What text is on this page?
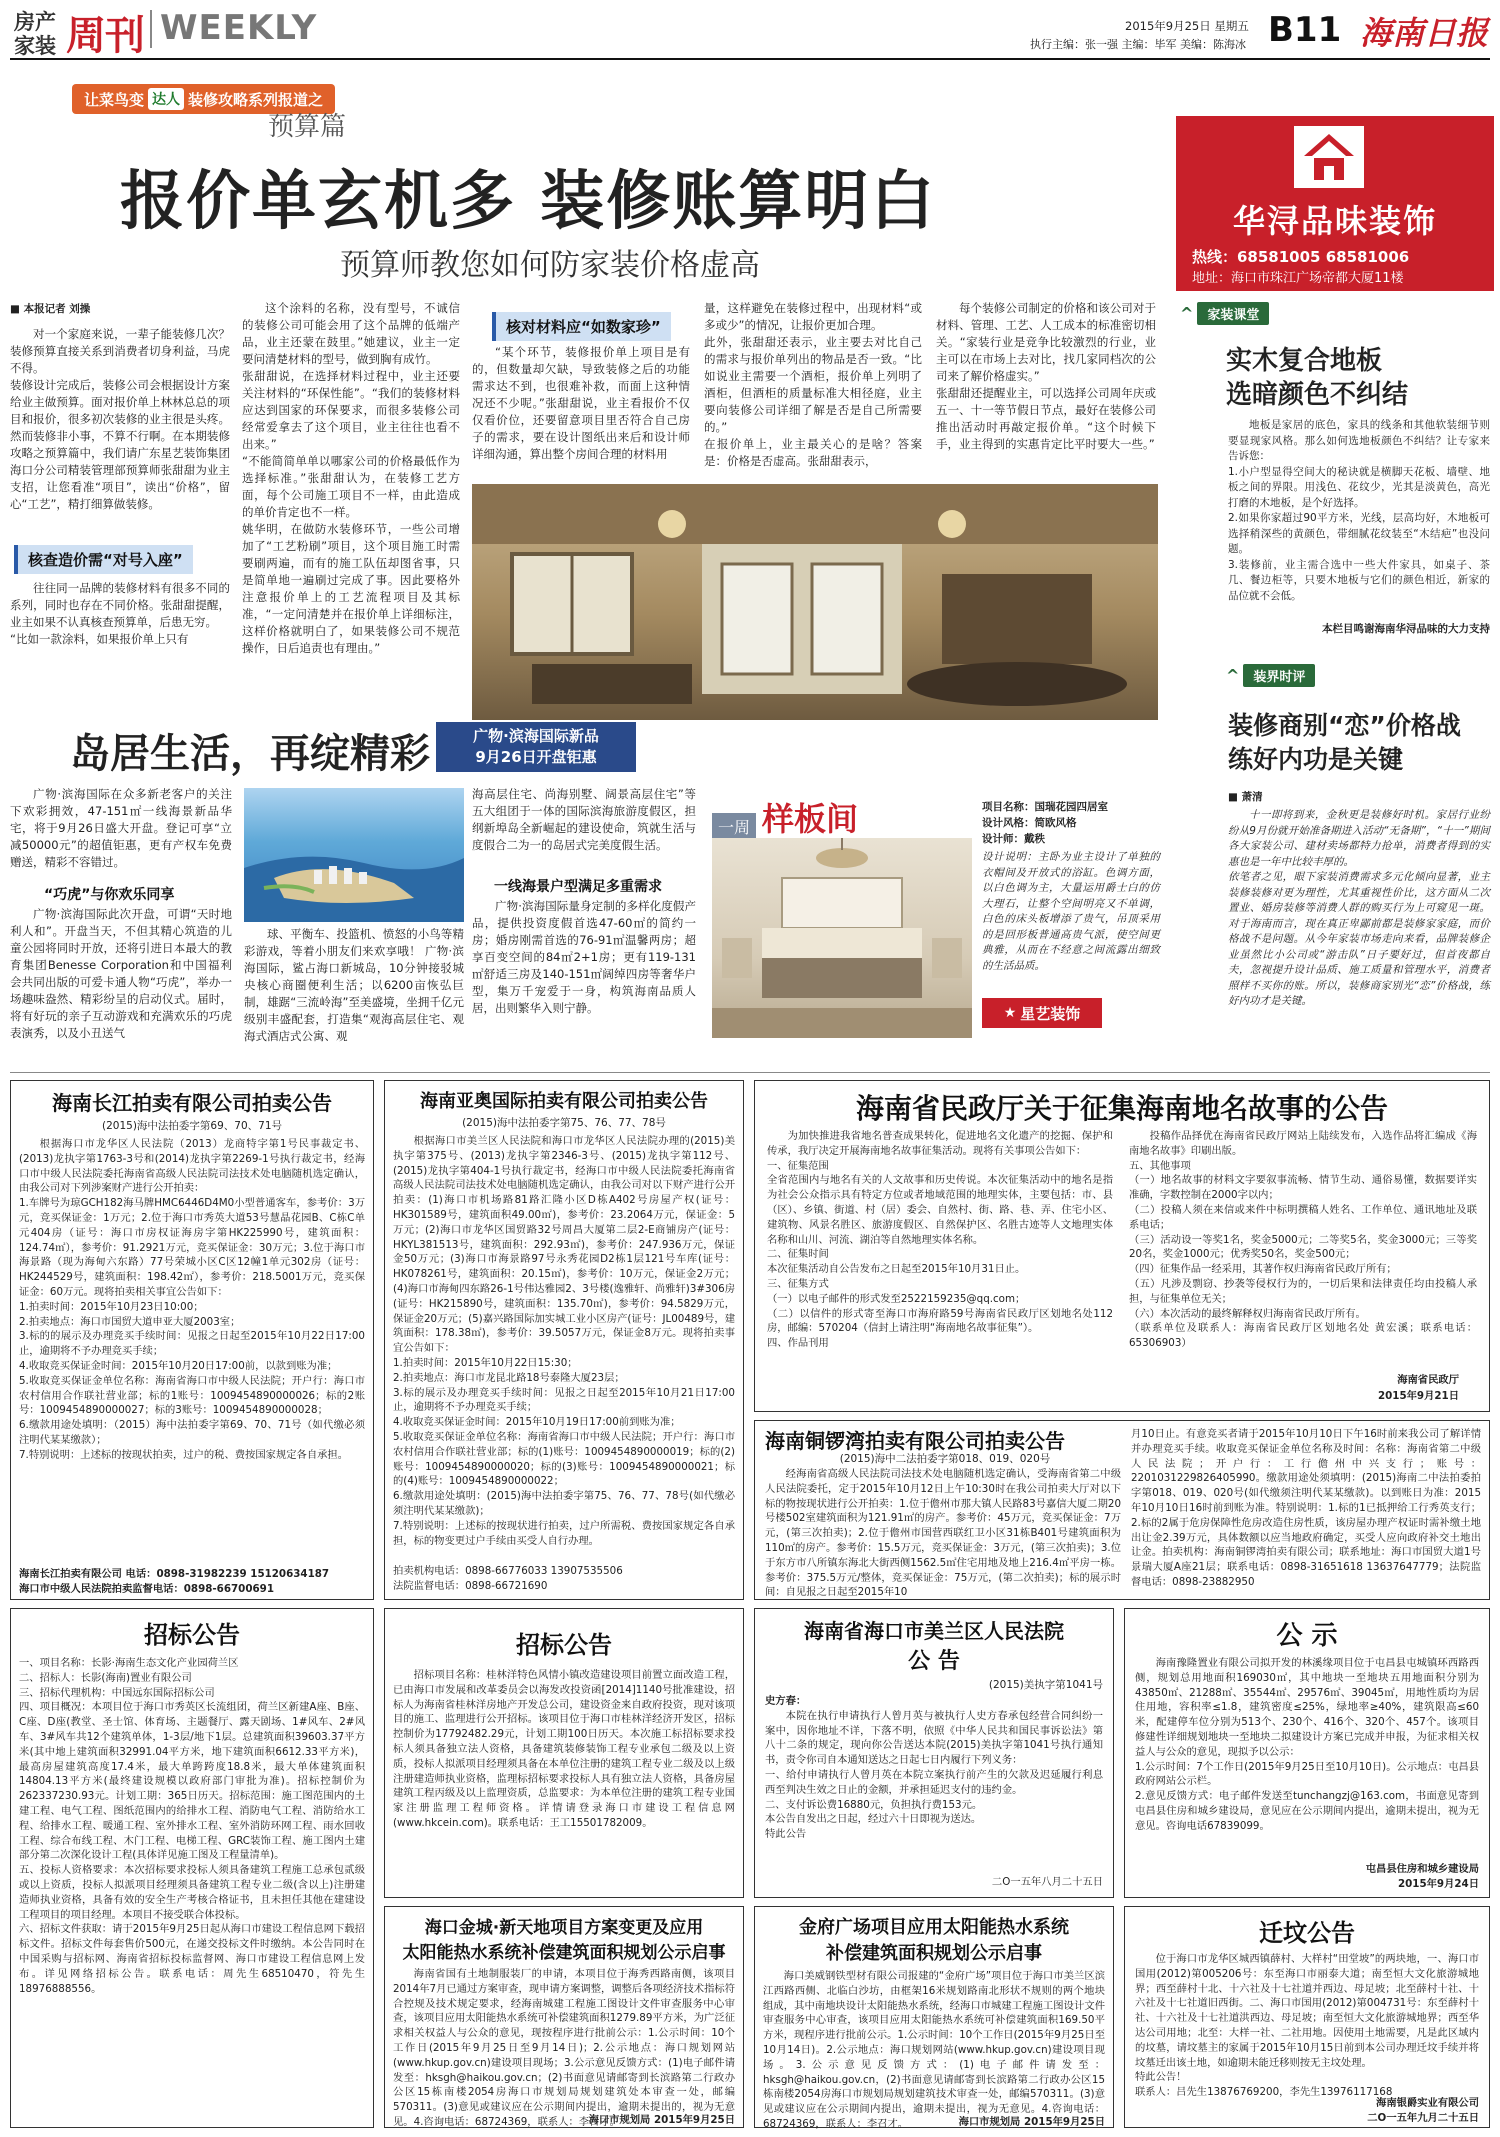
房产
家装 周刊 WEEKLY	2015年9月25日 星期五
执行主编：张一强 主编：毕军 美编：陈海冰 B11 海南日报
让菜鸟变 达人 装修攻略系列报道之
预算篇
报价单玄机多 装修账算明白
预算师教您如何防家装价格虚高
■ 本报记者 刘操
对一个家庭来说，一辈子能装修几次？装修预算直接关系到消费者切身利益，马虎不得。
装修设计完成后，装修公司会根据设计方案给业主做预算。面对报价单上林林总总的项目和报价，很多初次装修的业主很是头疼。然而装修非小事，不算不行啊。在本期装修攻略之预算篇中，我们请广东星艺装饰集团海口分公司精装管理部预算师张甜甜为业主支招，让您看准“项目”，读出“价格”，留心“工艺”，精打细算做装修。
核查造价需“对号入座”
往往同一品牌的装修材料有很多不同的系列，同时也存在不同价格。张甜甜提醒，业主如果不认真核查预算单，后患无穷。
“比如一款涂料，如果报价单上只有
这个涂料的名称，没有型号，不诚信的装修公司可能会用了这个品牌的低端产品，业主还蒙在鼓里。”她建议，业主一定要问清楚材料的型号，做到胸有成竹。
张甜甜说，在选择材料过程中，业主还要关注材料的“环保性能”。“我们的装修材料应达到国家的环保要求，而很多装修公司经常爱拿去了这个项目，业主往往也看不出来。”
“不能简简单单以哪家公司的价格最低作为选择标准。”张甜甜认为，在装修工艺方面，每个公司施工项目不一样，由此造成的单价肯定也不一样。
姚华明，在做防水装修环节，一些公司增加了“工艺粉刷”项目，这个项目施工时需要刷两遍，而有的施工队伍却图省事，只是简单地一遍刷过完成了事。因此要格外注意报价单上的工艺流程项目及其标准，“一定问清楚并在报价单上详细标注，这样价格就明白了，如果装修公司不规范操作，日后追责也有理由。”
核对材料应“如数家珍”
“某个环节，装修报价单上项目是有的，但数量却欠缺，导致装修之后的功能需求达不到，也很难补救，而面上这种情况还不少呢。”张甜甜说，业主看报价不仅仅看价位，还要留意项目里否符合自己房子的需求，要在设计图纸出来后和设计师详细沟通，算出整个房间合理的材料用
量，这样避免在装修过程中，出现材料“或多或少”的情况，让报价更加合理。
此外，张甜甜还表示，业主要去对比自己的需求与报价单列出的物品是否一致。“比如说业主需要一个酒柜，报价单上列明了酒柜，但酒柜的质量标准大相径庭，业主要向装修公司详细了解是否是自己所需要的。”
在报价单上，业主最关心的是啥？答案是：价格是否虚高。张甜甜表示，
每个装修公司制定的价格和该公司对于材料、管理、工艺、人工成本的标准密切相关。“家装行业是竞争比较激烈的行业，业主可以在市场上去对比，找几家同档次的公司来了解价格虚实。”
张甜甜还提醒业主，可以选择公司周年庆或五一、十一等节假日节点，最好在装修公司推出活动时再敲定报价单。“这个时候下手，业主得到的实惠肯定比平时要大一些。”
华浔品味装饰
热线：68581005 68581006
地址：海口市珠江广场帝都大厦11楼
^	家装课堂
实木复合地板
选暗颜色不纠结
地板是家居的底色，家具的线条和其他软装细节则要显现家风格。那么如何选地板颜色不纠结？让专家来告诉您：
1.小户型显得空间大的秘诀就是横脚天花板、墙壁、地板之间的界限。用浅色、花纹少，光其是淡黄色，高光打磨的木地板，是个好选择。
2.如果你家超过90平方米，光线，层高均好，木地板可选择稍深些的黄颜色，带细腻花纹装至“木结疤”也没问题。
3.装修前，业主需合选中一些大件家具，如桌子、茶几、餐边柜等，只要木地板与它们的颜色相近，新家的品位就不会低。
本栏目鸣谢海南华浔品味的大力支持
^	装界时评
装修商别“恋”价格战
练好内功是关键
■ 萧清
十一即将到来，金秋更是装修好时机。家居行业纷纷从9月份就开始准备期进入活动“无备期”，“十一”期间各大家装公司、建材卖场都特力抢单，消费者得到的实惠也是一年中比较丰厚的。
依笔者之见，眼下家装消费需求多元化倾向显著，业主装修装修对更为理性，尤其重视性价比，这方面从二次置业、婚房装修等消费人群的购买行为上可窥见一斑。对于海南而言，现在真正卑鄙前都是装修家家庭，而价格战不是问题。从今年家装市场走向来看，品牌装修企业虽然比小公司或“游击队”日子要好过，但首夜都自夫，忽视提升设计品质、施工质量和管理水平，消费者照样不买你的账。所以，装修商家别光“恋”价格战，练好内功才是关键。
岛居生活，再绽精彩	广物·滨海国际新品
9月26日开盘钜惠
广物·滨海国际在众多新老客户的关注下欢彩拥效，47-151㎡一线海景新品华宅，将于9月26日盛大开盘。登记可享“立减50000元”的超值钜惠，更有产权车免费赠送，精彩不容错过。
“巧虎”与你欢乐同享
广物·滨海国际此次开盘，可谓“天时地利人和”。开盘当天，不但其精心筑造的儿童公园将同时开放，还将引进日本最大的教育集团Benesse Corporation和中国福利会共同出版的可爱卡通人物“巧虎”，举办一场趣味盎然、精彩纷呈的启动仪式。届时，将有好玩的亲子互动游戏和充满欢乐的巧虎表演秀，以及小丑送气
球、平衡车、投篮机、愤怒的小鸟等精彩游戏，等着小朋友们来欢享哦！ 广物·滨海国际，鲨占海口新城岛，10分钟接驳城央核心商圈便利生活；以6200亩恢弘巨制，雄踞“三流岭海”至美盛境，坐拥千亿元级别丰盛配套，打造集“观海高层住宅、观海式酒店式公寓、观
海高层住宅、尚海别墅、阔景高层住宅”等五大组团于一体的国际滨海旅游度假区，担纲新埠岛全新崛起的建设使命，筑就生活与度假合二为一的岛居式完美度假生活。
一线海景户型满足多重需求
广物·滨海国际量身定制的多样化度假产品，提供投资度假首选47-60㎡的简约一房；婚房刚需首选的76-91㎡温馨两房；超享百变空间的84㎡2+1房；更有119-131㎡舒适三房及140-151㎡阔绰四房等奢华户型，集万千宠爱于一身，构筑海南品质人居，出则繁华入则宁静。
一周 样板间	项目名称：国瑞花园四居室
设计风格：简欧风格
设计师：戴秩
设计说明：主卧为业主设计了单独的衣帽间及开放式的浴缸。色调方面，以白色调为主，大量运用爵士白的仿大理石，让整个空间明亮又不单调，白色的床头板增添了贵气，吊顶采用的是回形板普通高贵气派，使空间更典雅，从而在不经意之间流露出细致的生活品质。
★ 星艺装饰
海南长江拍卖有限公司拍卖公告
(2015)海中法拍委字第69、70、71号
根据海口市龙华区人民法院（2013）龙商特字第1号民事裁定书、(2013)龙执字第1763-3号和(2014)龙执字第2269-1号执行裁定书，经海口市中级人民法院委托海南省高级人民法院司法技术处电脑随机选定确认，由我公司对下列涉案财产进行公开拍卖：
1.车牌号为琼GCH182海马牌HMC6446D4M0小型普通客车，参考价：3万元，竞买保证金：1万元；2.位于海口市秀英大道53号慧晶花园B、C栋C单元404房（证号：海口市房权证海房字第HK225990号，建筑面积：124.74㎡），参考价：91.2921万元，竞买保证金：30万元；3.位于海口市海景路（现为海甸六东路）77号荣城小区C区12幢1单元302房（证号：HK244529号，建筑面积：198.42㎡），参考价：218.5001万元，竞买保证金：60万元。现将拍卖相关事宜公告如下：
1.拍卖时间：2015年10月23日10:00；
2.拍卖地点：海口市国贸大道申亚大厦2003室；
3.标的的展示及办理竞买手续时间：见报之日起至2015年10月22日17:00止，逾期将不予办理竞买手续；
4.收取竞买保证金时间：2015年10月20日17:00前，以款到账为准；
5.收取竞买保证金单位名称：海南省海口市中级人民法院；开户行：海口市农村信用合作联社营业部；标的1账号：1009454890000026；标的2账号：1009454890000027；标的3账号：1009454890000028；
6.缴款用途处填明：（2015）海中法拍委字第69、70、71号（如代缴必须注明代某某缴款）；
7.特别说明：上述标的按现状拍卖，过户的税、费按国家规定各自承担。
海南长江拍卖有限公司 电话：0898-31982239 15120634187
海口市中级人民法院拍卖监督电话：0898-66700691
海南亚奥国际拍卖有限公司拍卖公告
(2015)海中法拍委字第75、76、77、78号
根据海口市美兰区人民法院和海口市龙华区人民法院办理的(2015)美执字第375号、(2013)龙执字第2346-3号、(2015)龙执字第112号、(2015)龙执字第404-1号执行裁定书，经海口市中级人民法院委托海南省高级人民法院司法技术处电脑随机选定确认，由我公司对以下财产进行公开拍卖：(1)海口市机场路81路汇隆小区D栋A402号房屋产权(证号：HK301589号，建筑面积49.00㎡)，参考价：23.2064万元，保证金：5万元；(2)海口市龙华区国贸路32号周昌大厦第二层2-E商铺房产(证号：HKYL381513号，建筑面积：292.93㎡)，参考价：247.936万元，保证金50万元；(3)海口市海景路97号永秀花园D2栋1层121号车库(证号：HK078261号，建筑面积：20.15㎡)，参考价：10万元，保证金2万元；(4)海口市海甸四东路26-1号伟达雅园2、3号楼(逸雅轩、尚雅轩)3#306房(证号：HK215890号，建筑面积：135.70㎡)，参考价：94.5829万元，保证金20万元；(5)嘉兴路国际加实城工业小区房产(证号：JL00489号，建筑面积：178.38㎡)，参考价：39.5057万元，保证金8万元。现将拍卖事宜公告如下：
1.拍卖时间：2015年10月22日15:30；
2.拍卖地点：海口市龙昆北路18号泰隆大厦23层；
3.标的展示及办理竞买手续时间：见报之日起至2015年10月21日17:00止，逾期将不予办理竞买手续；
4.收取竞买保证金时间：2015年10月19日17:00前到账为准；
5.收取竞买保证金单位名称：海南省海口市中级人民法院；开户行：海口市农村信用合作联社营业部；标的(1)账号：1009454890000019；标的(2)账号：1009454890000020；标的(3)账号：1009454890000021；标的(4)账号：1009454890000022；
6.缴款用途处填明：(2015)海中法拍委字第75、76、77、78号(如代缴必须注明代某某缴款)；
7.特别说明：上述标的按现状进行拍卖，过户所需税、费按国家规定各自承担，标的物变更过户手续由买受人自行办理。
拍卖机构电话：0898-66776033 13907535506
法院监督电话：0898-66721690
海南省民政厅关于征集海南地名故事的公告
为加快推进我省地名普查成果转化，促进地名文化遗产的挖掘、保护和传承，我厅决定开展海南地名故事征集活动。现将有关事项公告如下：
一、征集范围
全省范围内与地名有关的人文故事和历史传说。本次征集活动中的地名是指为社会公众指示具有特定方位或者地域范围的地理实体，主要包括：市、县（区）、乡镇、街道、村（居）委会、自然村、街、路、巷、弄、住宅小区、建筑物、风景名胜区、旅游度假区、自然保护区、名胜古迹等人文地理实体名称和山川、河流、湖泊等自然地理实体名称。
二、征集时间
本次征集活动自公告发布之日起至2015年10月31日止。
三、征集方式
（一）以电子邮件的形式发至2522159235@qq.com；
（二）以信件的形式寄至海口市海府路59号海南省民政厅区划地名处112房，邮编：570204（信封上请注明“海南地名故事征集”）。
四、作品刊用
投稿作品择优在海南省民政厅网站上陆续发布，入选作品将汇编成《海南地名故事》印刷出版。
五、其他事项
（一）地名故事的材料文字要叙事流畅、情节生动、通俗易懂，数据要详实准确，字数控制在2000字以内；
（二）投稿人须在来信或来件中标明撰稿人姓名、工作单位、通讯地址及联系电话；
（三）活动设一等奖1名，奖金5000元；二等奖5名，奖金3000元；三等奖20名，奖金1000元；优秀奖50名，奖金500元；
（四）征集作品一经采用，其著作权归海南省民政厅所有；
（五）凡涉及剽窃、抄袭等侵权行为的，一切后果和法律责任均由投稿人承担，与征集单位无关；
（六）本次活动的最终解释权归海南省民政厅所有。
（联系单位及联系人：海南省民政厅区划地名处 黄宏溪；联系电话：65306903）
海南省民政厅
2015年9月21日
海南铜锣湾拍卖有限公司拍卖公告
(2015)海中二法拍委字第018、019、020号
经海南省高级人民法院司法技术处电脑随机选定确认，受海南省第二中级人民法院委托，定于2015年10月12日上午10:30时在我公司拍卖大厅对以下标的物按现状进行公开拍卖：1.位于儋州市那大镇人民路83号嘉信大厦二期20号楼502室建筑面积为121.91㎡的房产。参考价：45万元，竞买保证金：7万元，(第三次拍卖)；2.位于儋州市国营西联红卫小区31栋B401号建筑面积为110㎡的房产。参考价：15.5万元，竞买保证金：3万元，(第三次拍卖)；3.位于东方市八所镇东海北大街西侧1562.5㎡住宅用地及地上216.4㎡平房一栋。参考价：375.5万元/整体，竞买保证金：75万元，(第二次拍卖)；标的展示时间：自见报之日起至2015年10
月10日止。有意竞买者请于2015年10月10日下午16时前来我公司了解详情并办理竞买手续。收取竞买保证金单位名称及时间：名称：海南省第二中级人民法院；开户行：工行儋州中兴支行；账号：2201031229826405990。缴款用途处须填明：(2015)海南二中法拍委拍字第018、019、020号(如代缴须注明代某某缴款)。以到账日为准：2015年10月10日16时前到账为准。特别说明：1.标的1已抵押给工行秀英支行；2.标的2属于危房保障性危房改造住房性质，该房屋办理产权证时需补缴土地出让金2.39万元，具体数额以应当地政府确定，买受人应向政府补交土地出让金。拍卖机构：海南铜锣湾拍卖有限公司；联系地址：海口市国贸大道1号景瑞大厦A座21层；联系电话：0898-31651618 13637647779；法院监督电话：0898-23882950
招标公告
一、项目名称：长影·海南生态文化产业园荷兰区
二、招标人：长影(海南)置业有限公司
三、招标代理机构：中国远东国际招标公司
四、项目概况：本项目位于海口市秀英区长流组团，荷兰区新建A座、B座、C座、D座(教堂、圣士馆、体育场、主题餐厅、露天剧场、1#风车、2#风车、3#风车共12个建筑单体，1-3层/地下1层。总建筑面积39603.37平方米(其中地上建筑面积32991.04平方米，地下建筑面积6612.33平方米)，最高房屋建筑高度17.4米，最大单跨跨度18.8米，最大单体建筑面积14804.13平方米(最终建设规模以政府部门审批为准)。招标控制价为262337230.93元。计划工期：365日历天。招标范围：施工图范围内的土建工程、电气工程、图纸范围内的给排水工程、消防电气工程、消防给水工程、给排水工程、暖通工程、室外排水工程、室外消防环网工程、雨水回收工程、综合布线工程、木门工程、电梯工程、GRC装饰工程、施工图内土建部分第二次深化设计工程(具体详见施工图及工程量清单)。
五、投标人资格要求：本次招标要求投标人须具备建筑工程施工总承包贰级或以上资质，投标人拟派项目经理须具备建筑工程专业二级(含以上)注册建造师执业资格，具备有效的安全生产考核合格证书，且未担任其他在建建设工程项目的项目经理。本项目不接受联合体投标。
六、招标文件获取：请于2015年9月25日起从海口市建设工程信息网下载招标文件。招标文件每套售价500元，在递交投标文件时缴纳。本公告同时在中国采购与招标网、海南省招标投标监督网、海口市建设工程信息网上发布。详见网络招标公告。联系电话：周先生68510470，符先生18976888556。
招标公告
招标项目名称：桂林洋特色风情小镇改造建设项目前置立面改造工程，已由海口市发展和改革委员会以海发改投资函[2014]1140号批准建设，招标人为海南省桂林洋房地产开发总公司，建设资金来自政府投资，现对该项目的施工、监理进行公开招标。该项目位于海口市桂林洋经济开发区，招标控制价为17792482.29元，计划工期100日历天。本次施工标招标要求投标人须具备独立法人资格，具备建筑装修装饰工程专业承包二级及以上资质，投标人拟派项目经理须具备在本单位注册的建筑工程专业二级及以上级注册建造师执业资格，监理标招标要求投标人具有独立法人资格，具备房屋建筑工程丙级及以上监理资质，总监要求：为本单位注册的建筑工程专业国家注册监理工程师资格。详情请登录海口市建设工程信息网(www.hkcein.com)。联系电话：王工15501782009。
海南省海口市美兰区人民法院
公 告
(2015)美执字第1041号
史方春：
本院在执行申请执行人曾月英与被执行人史方春承包经营合同纠纷一案中，因你地址不详，下落不明，依照《中华人民共和国民事诉讼法》第八十二条的规定，现向你公告送达本院(2015)美执字第1041号执行通知书，责令你司自本通知送达之日起七日内履行下列义务：
一、给付申请执行人曾月英在本院立案执行前产生的欠款及迟延履行利息西至判决生效之日止的金额，并承担延迟支付的违约金。
二、支付诉讼费16880元，负担执行费153元。
本公告自发出之日起，经过六十日即视为送达。
特此公告
二O一五年八月二十五日
公 示
海南豫隆置业有限公司拟开发的林溪缘项目位于屯昌县屯城镇环西路西侧，规划总用地面积169030㎡，其中地块一至地块五用地面积分别为43850㎡、21288㎡、35544㎡、29576㎡、39045㎡，用地性质均为居住用地，容积率≤1.8，建筑密度≤25%，绿地率≥40%，建筑限高≤60米，配建停车位分别为513个、230个、416个、320个、457个。该项目修建性详细规划地块一至地块二拟建设计方案已完成并申报，为征求相关权益人与公众的意见，现拟予以公示：
1.公示时间：7个工作日(2015年9月25日至10月10日)。公示地点：屯昌县政府网站公示栏。
2.意见反馈方式：电子邮件发送至tunchangzj@163.com，书面意见寄到屯昌县住房和城乡建设局，意见应在公示期间内提出，逾期未提出，视为无意见。咨询电话67839099。
屯昌县住房和城乡建设局
2015年9月24日
海口金城·新天地项目方案变更及应用
太阳能热水系统补偿建筑面积规划公示启事
海南省国有土地制服装厂的申请，本项目位于海秀西路南侧，该项目2014年7月已通过方案审查，现申请方案调整，调整后各项经济技术指标符合控规及技术规定要求，经海南城建工程施工图设计文件审查服务中心审查，该项目应用太阳能热水系统可补偿建筑面积1279.89平方米，为广泛征求相关权益人与公众的意见，现按程序进行批前公示：1.公示时间：10个工作日(2015年9月25日至9月14日)；2.公示地点：海口规划网站(www.hkup.gov.cn)建设项目现场；3.公示意见反馈方式：(1)电子邮件请发至：hksgh@haikou.gov.cn；(2)书面意见请邮寄到长滨路第二行政办公区15栋南楼2054房海口市规划局规划建筑处本审查一处，邮编570311。(3)意见或建议应在公示期间内提出，逾期未提出的，视为无意见。4.咨询电话：68724369，联系人：李召才。
海口市规划局 2015年9月25日
金府广场项目应用太阳能热水系统
补偿建筑面积规划公示启事
海口美威钢铁型材有限公司报建的“金府广场”项目位于海口市美兰区滨江西路西侧、北临白沙坊，由框架16米规划路南北形状不规则的两个地块组成，其中南地块设计太阳能热水系统，经海口市城建工程施工图设计文件审查服务中心审查，该项目应用太阳能热水系统可补偿建筑面积169.50平方米，现程序进行批前公示。1.公示时间：10个工作日(2015年9月25日至10月14日)。2.公示地点：海口规划网站(www.hkup.gov.cn)建设项目现场。3.公示意见反馈方式：(1)电子邮件请发至：hksgh@haikou.gov.cn，(2)书面意见请邮寄到长滨路第二行政办公区15栋南楼2054房海口市规划局规划建筑技术审查一处，邮编570311。(3)意见或建议应在公示期间内提出，逾期未提出，视为无意见。4.咨询电话：68724369，联系人：李召才。	海口市规划局 2015年9月25日
迁坟公告
位于海口市龙华区城西镇薛村、大样村“田堂坡”的两块地，一、海口市国用(2012)第005206号：东至海口市丽泰大道；南至恒大文化旅游城地界；西至薛村十北、十六社及十七社道并西边、母足坡；北至薛村十社、十六社及十七社道旧西街。二、海口市国用(2012)第004731号：东至薛村十社、十六社及十七社道洪西边、母足坡；南至恒大文化旅游城地界；西至华达公司用地；北至：大样一社、二社用地。因使用土地需要，凡是此区域内的坟墓，请坟墓主的家属于2015年10月15日前到本公司办理迁坟手续并将坟墓迁出该土地，如逾期未能迁移则按无主坟处理。
特此公告！
联系人：吕先生13876769200，李先生13976117168
海南银爵实业有限公司
二O一五年九月二十五日
